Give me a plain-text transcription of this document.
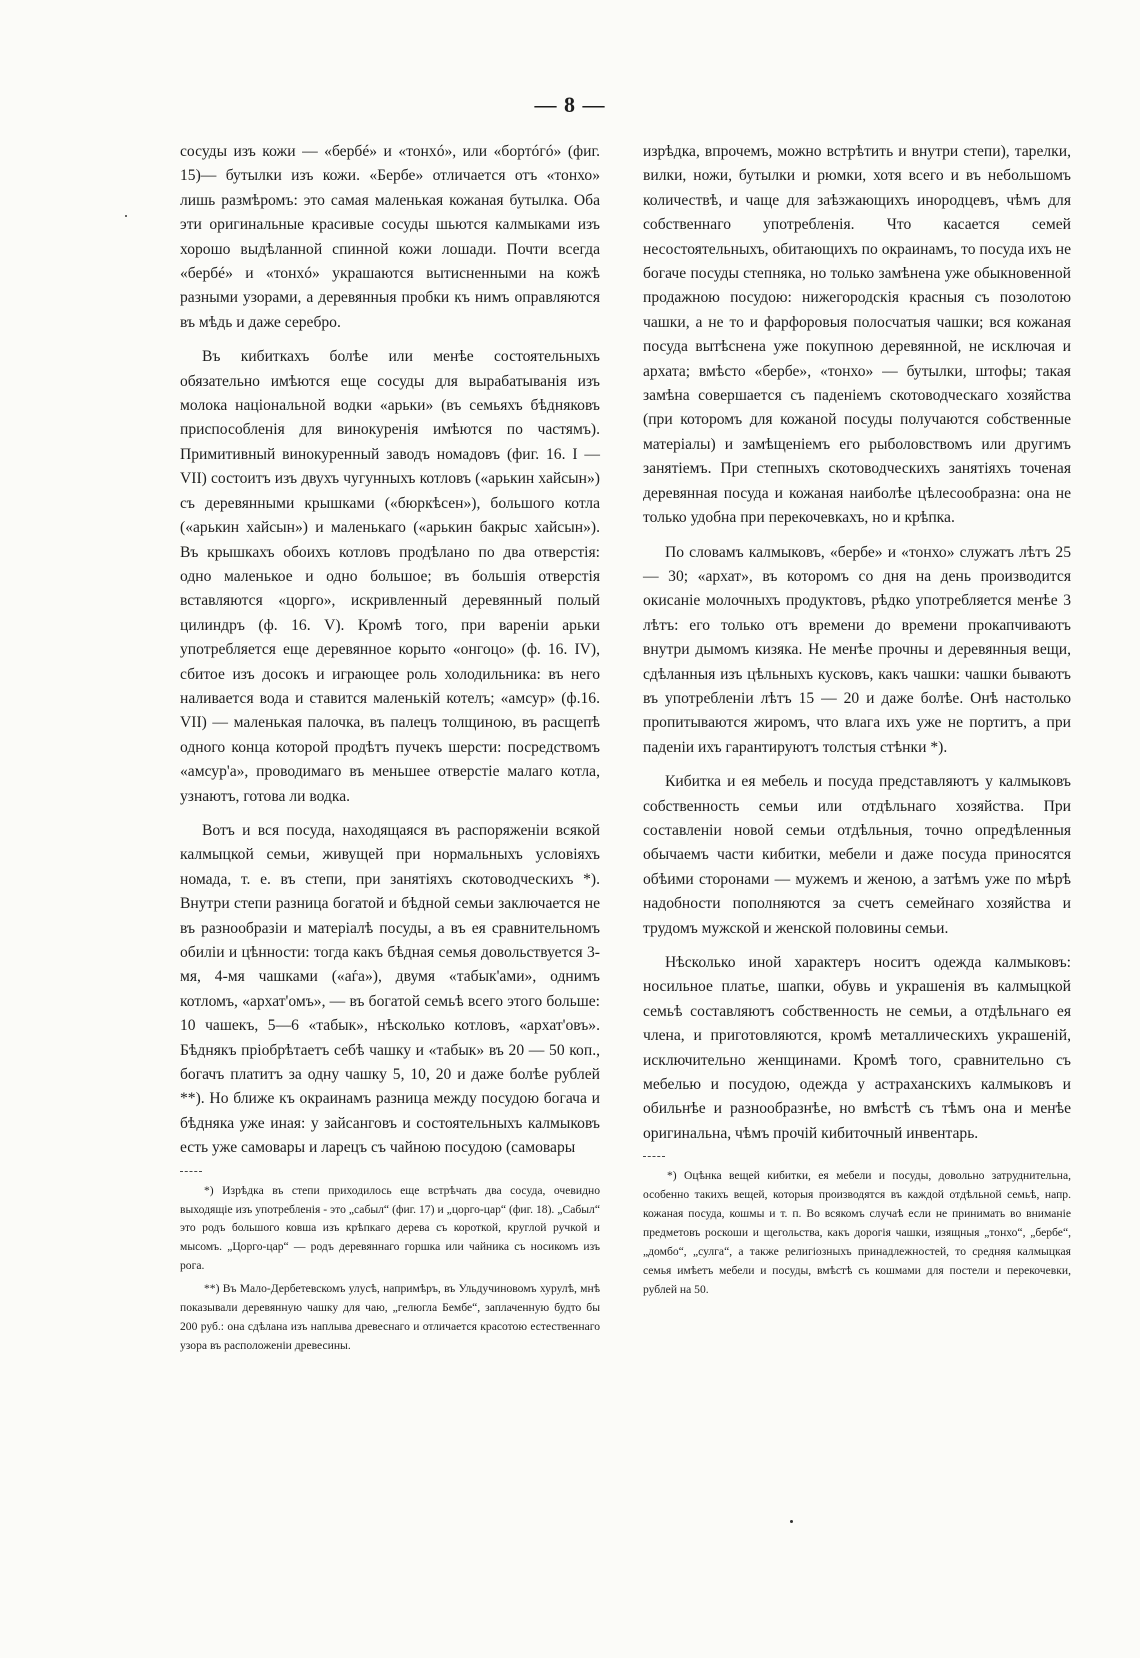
— 8 —

сосуды изъ кожи — «бербé» и «тонхó», или «бортóгó» (фиг. 15)— бутылки изъ кожи. «Бербе» отличается отъ «тонхо» лишь размѣромъ: это самая маленькая кожаная бутылка. Оба эти оригинальные красивые сосуды шьются калмыками изъ хорошо выдѣланной спинной кожи лошади. Почти всегда «бербé» и «тонхó» украшаются вытисненными на кожѣ разными узорами, а деревянныя пробки къ нимъ оправляются въ мѣдь и даже серебро.

Въ кибиткахъ болѣе или менѣе состоятельныхъ обязательно имѣются еще сосуды для вырабатыванія изъ молока національной водки «арьки» (въ семьяхъ бѣдняковъ приспособленія для винокуренія имѣются по частямъ). Примитивный винокуренный заводъ номадовъ (фиг. 16. I — VII) состоитъ изъ двухъ чугунныхъ котловъ («арькин хайсын») съ деревянными крышками («бюркѣсен»), большого котла («арькин хайсын») и маленькаго («арькин бакрыс хайсын»). Въ крышкахъ обоихъ котловъ продѣлано по два отверстія: одно маленькое и одно большое; въ большія отверстія вставляются «цорго», искривленный деревянный полый цилиндръ (ф. 16. V). Кромѣ того, при вареніи арьки употребляется еще деревянное корыто «онгоцо» (ф. 16. IV), сбитое изъ досокъ и играющее роль холодильника: въ него наливается вода и ставится маленькій котелъ; «амсур» (ф.16. VII) — маленькая палочка, въ палецъ толщиною, въ расщепѣ одного конца которой продѣтъ пучекъ шерсти: посредствомъ «амсур'а», проводимаго въ меньшее отверстіе малаго котла, узнаютъ, готова ли водка.

Вотъ и вся посуда, находящаяся въ распоряженіи всякой калмыцкой семьи, живущей при нормальныхъ условіяхъ номада, т. е. въ степи, при занятіяхъ скотоводческихъ *). Внутри степи разница богатой и бѣдной семьи заключается не въ разнообразіи и матеріалѣ посуды, а въ ея сравнительномъ обиліи и цѣнности: тогда какъ бѣдная семья довольствуется 3-мя, 4-мя чашками («аѓа»), двумя «табык'ами», однимъ котломъ, «архат'омъ», — въ богатой семьѣ всего этого больше: 10 чашекъ, 5—6 «табык», нѣсколько котловъ, «архат'овъ». Бѣднякъ пріобрѣтаетъ себѣ чашку и «табык» въ 20 — 50 коп., богачъ платитъ за одну чашку 5, 10, 20 и даже болѣе рублей **). Но ближе къ окраинамъ разница между посудою богача и бѣдняка уже иная: у зайсанговъ и состоятельныхъ калмыковъ есть уже самовары и ларецъ съ чайною посудою (самовары

*) Изрѣдка въ степи приходилось еще встрѣчать два сосуда, очевидно выходящіе изъ употребленія - это „сабыл“ (фиг. 17) и „цорго-цар“ (фиг. 18). „Сабыл“ это родъ большого ковша изъ крѣпкаго дерева съ короткой, круглой ручкой и мысомъ. „Цорго-цар“ — родъ деревяннаго горшка или чайника съ носикомъ изъ рога.

**) Въ Мало-Дербетевскомъ улусѣ, напримѣръ, въ Ульдучиновомъ хурулѣ, мнѣ показывали деревянную чашку для чаю, „гелюгла Бембе“, заплаченную будто бы 200 руб.: она сдѣлана изъ наплыва древеснаго и отличается красотою естественнаго узора въ расположеніи древесины.

изрѣдка, впрочемъ, можно встрѣтить и внутри степи), тарелки, вилки, ножи, бутылки и рюмки, хотя всего и въ небольшомъ количествѣ, и чаще для заѣзжающихъ инородцевъ, чѣмъ для собственнаго употребленія. Что касается семей несостоятельныхъ, обитающихъ по окраинамъ, то посуда ихъ не богаче посуды степняка, но только замѣнена уже обыкновенной продажною посудою: нижегородскія красныя съ позолотою чашки, а не то и фарфоровыя полосчатыя чашки; вся кожаная посуда вытѣснена уже покупною деревянной, не исключая и архата; вмѣсто «бербе», «тонхо» — бутылки, штофы; такая замѣна совершается съ паденіемъ скотоводческаго хозяйства (при которомъ для кожаной посуды получаются собственные матеріалы) и замѣщеніемъ его рыболовствомъ или другимъ занятіемъ. При степныхъ скотоводческихъ занятіяхъ точеная деревянная посуда и кожаная наиболѣе цѣлесообразна: она не только удобна при перекочевкахъ, но и крѣпка.

По словамъ калмыковъ, «бербе» и «тонхо» служатъ лѣтъ 25 — 30; «архат», въ которомъ со дня на день производится окисаніе молочныхъ продуктовъ, рѣдко употребляется менѣе 3 лѣтъ: его только отъ времени до времени прокапчиваютъ внутри дымомъ кизяка. Не менѣе прочны и деревянныя вещи, сдѣланныя изъ цѣльныхъ кусковъ, какъ чашки: чашки бываютъ въ употребленіи лѣтъ 15 — 20 и даже болѣе. Онѣ настолько пропитываются жиромъ, что влага ихъ уже не портитъ, а при паденіи ихъ гарантируютъ толстыя стѣнки *).

Кибитка и ея мебель и посуда представляютъ у калмыковъ собственность семьи или отдѣльнаго хозяйства. При составленіи новой семьи отдѣльныя, точно опредѣленныя обычаемъ части кибитки, мебели и даже посуда приносятся обѣими сторонами — мужемъ и женою, а затѣмъ уже по мѣрѣ надобности пополняются за счетъ семейнаго хозяйства и трудомъ мужской и женской половины семьи.

Нѣсколько иной характеръ носитъ одежда калмыковъ: носильное платье, шапки, обувь и украшенія въ калмыцкой семьѣ составляютъ собственность не семьи, а отдѣльнаго ея члена, и приготовляются, кромѣ металлическихъ украшеній, исключительно женщинами. Кромѣ того, сравнительно съ мебелью и посудою, одежда у астраханскихъ калмыковъ и обильнѣе и разнообразнѣе, но вмѣстѣ съ тѣмъ она и менѣе оригинальна, чѣмъ прочій кибиточный инвентарь.

*) Оцѣнка вещей кибитки, ея мебели и посуды, довольно затруднительна, особенно такихъ вещей, которыя производятся въ каждой отдѣльной семьѣ, напр. кожаная посуда, кошмы и т. п. Во всякомъ случаѣ если не принимать во вниманіе предметовъ роскоши и щегольства, какъ дорогія чашки, изящныя „тонхо“, „бербе“, „домбо“, „сулга“, а также религіозныхъ принадлежностей, то средняя калмыцкая семья имѣетъ мебели и посуды, вмѣстѣ съ кошмами для постели и перекочевки, рублей на 50.
